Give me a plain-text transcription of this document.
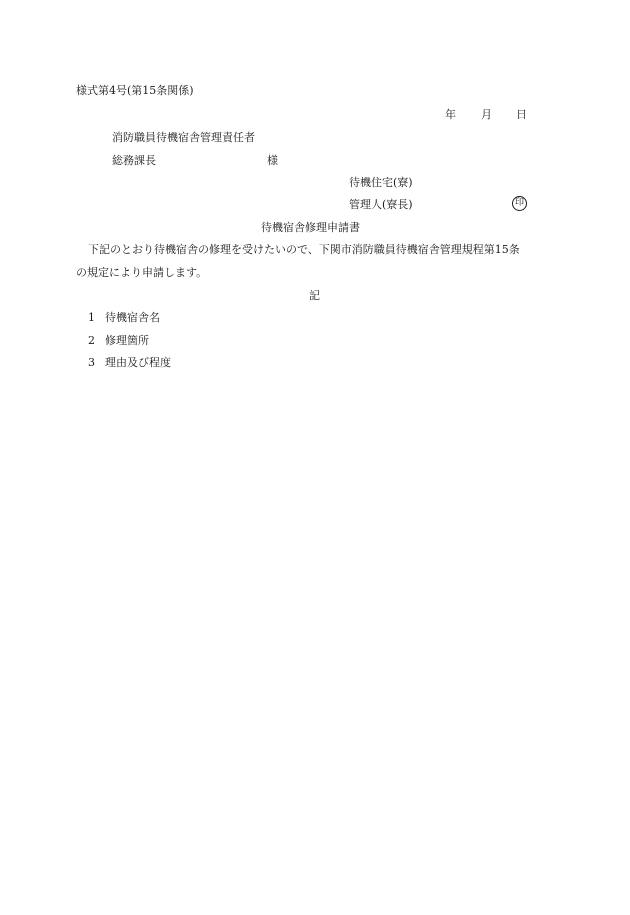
様式第4号(第15条関係)
年 月 日
消防職員待機宿舎管理責任者
総務課長	様
待機住宅(寮)
管理人(寮長)	印
待機宿舎修理申請書
下記のとおり待機宿舎の修理を受けたいので、下関市消防職員待機宿舎管理規程第15条
の規定により申請します。
記
1 待機宿舎名
2 修理箇所
3 理由及び程度
